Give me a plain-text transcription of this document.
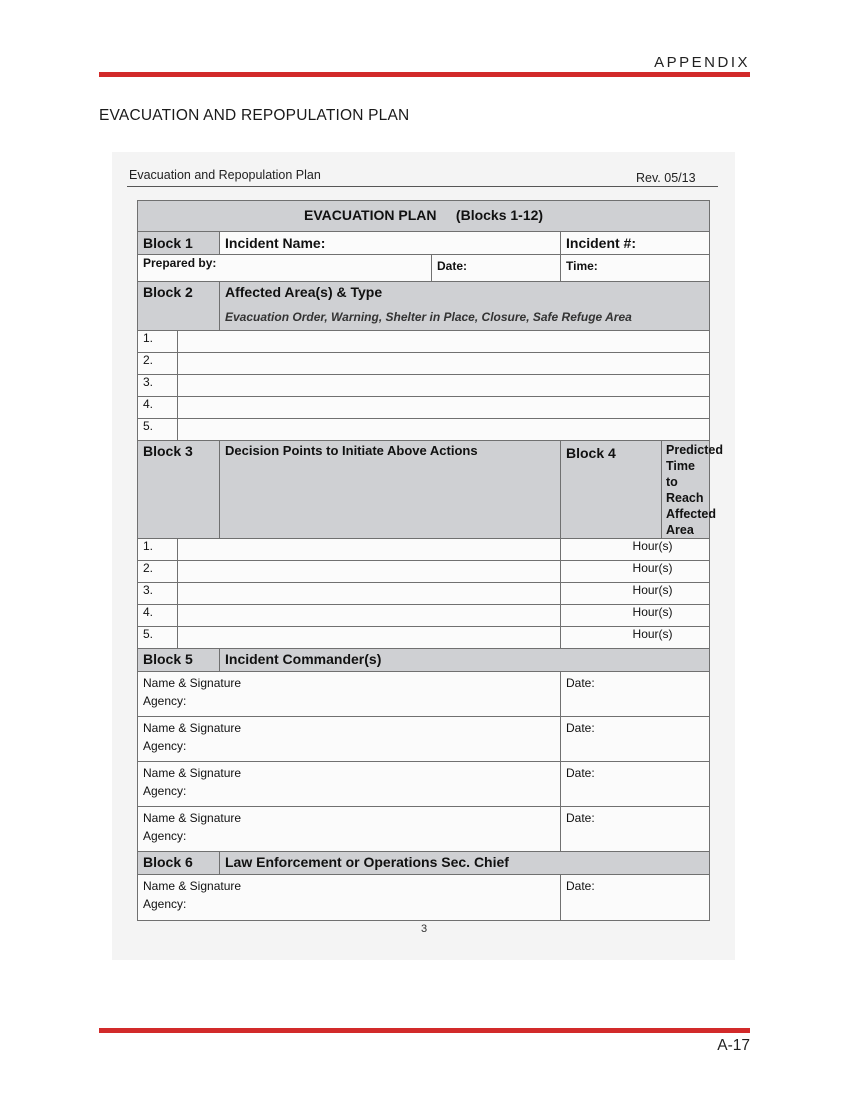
APPENDIX
EVACUATION AND REPOPULATION PLAN
Evacuation and Repopulation Plan	Rev. 05/13
EVACUATION PLAN     (Blocks 1-12)					
Block 1		Incident Name:		Incident #:	
Prepared by:			Date:	Time:	
Block 2		Affected Area(s) & Type
Evacuation Order, Warning, Shelter in Place, Closure, Safe Refuge Area			

1.					
2.					
3.					
4.					
5.					
Block 3		Decision Points to Initiate Above Actions		Block 4	Predicted Time to Reach Affected Area
1.				Hour(s)	
2.				Hour(s)	
3.				Hour(s)	
4.				Hour(s)	
5.				Hour(s)	
Block 5		Incident Commander(s)			

Name & Signature
Agency:				Date:	

Name & Signature
Agency:				Date:	

Name & Signature
Agency:				Date:	

Name & Signature
Agency:				Date:	
Block 6		Law Enforcement or Operations Sec. Chief			

Name & Signature
Agency:				Date:	
3
A-17
